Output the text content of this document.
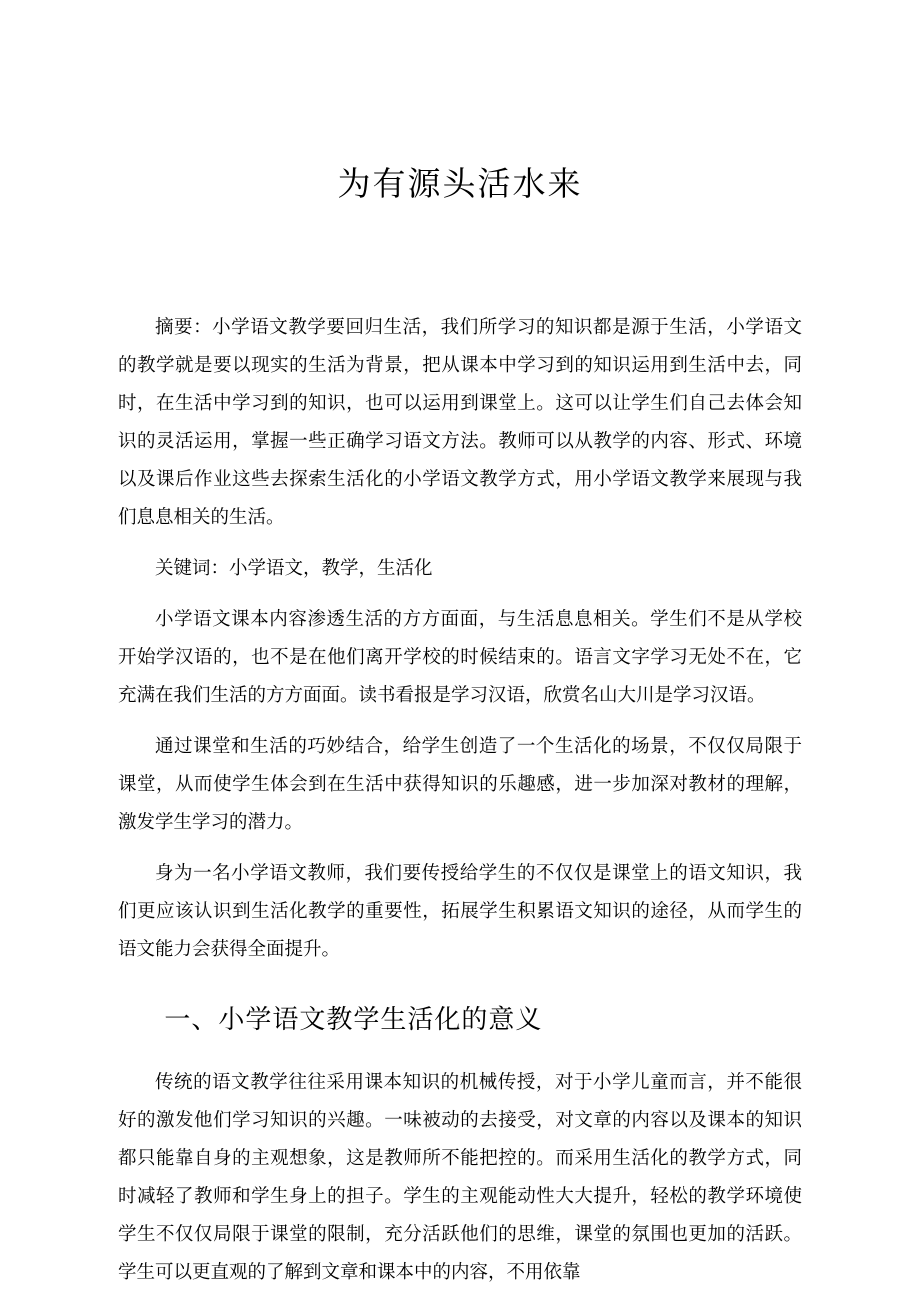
为有源头活水来

摘要：小学语文教学要回归生活，我们所学习的知识都是源于生活，小学语文的教学就是要以现实的生活为背景，把从课本中学习到的知识运用到生活中去，同时，在生活中学习到的知识，也可以运用到课堂上。这可以让学生们自己去体会知识的灵活运用，掌握一些正确学习语文方法。教师可以从教学的内容、形式、环境以及课后作业这些去探索生活化的小学语文教学方式，用小学语文教学来展现与我们息息相关的生活。

关键词：小学语文，教学，生活化

小学语文课本内容渗透生活的方方面面，与生活息息相关。学生们不是从学校开始学汉语的，也不是在他们离开学校的时候结束的。语言文字学习无处不在，它充满在我们生活的方方面面。读书看报是学习汉语，欣赏名山大川是学习汉语。

通过课堂和生活的巧妙结合，给学生创造了一个生活化的场景，不仅仅局限于课堂，从而使学生体会到在生活中获得知识的乐趣感，进一步加深对教材的理解，激发学生学习的潜力。

身为一名小学语文教师，我们要传授给学生的不仅仅是课堂上的语文知识，我们更应该认识到生活化教学的重要性，拓展学生积累语文知识的途径，从而学生的语文能力会获得全面提升。

一、小学语文教学生活化的意义

传统的语文教学往往采用课本知识的机械传授，对于小学儿童而言，并不能很好的激发他们学习知识的兴趣。一味被动的去接受，对文章的内容以及课本的知识都只能靠自身的主观想象，这是教师所不能把控的。而采用生活化的教学方式，同时减轻了教师和学生身上的担子。学生的主观能动性大大提升，轻松的教学环境使学生不仅仅局限于课堂的限制，充分活跃他们的思维，课堂的氛围也更加的活跃。学生可以更直观的了解到文章和课本中的内容，不用依靠
